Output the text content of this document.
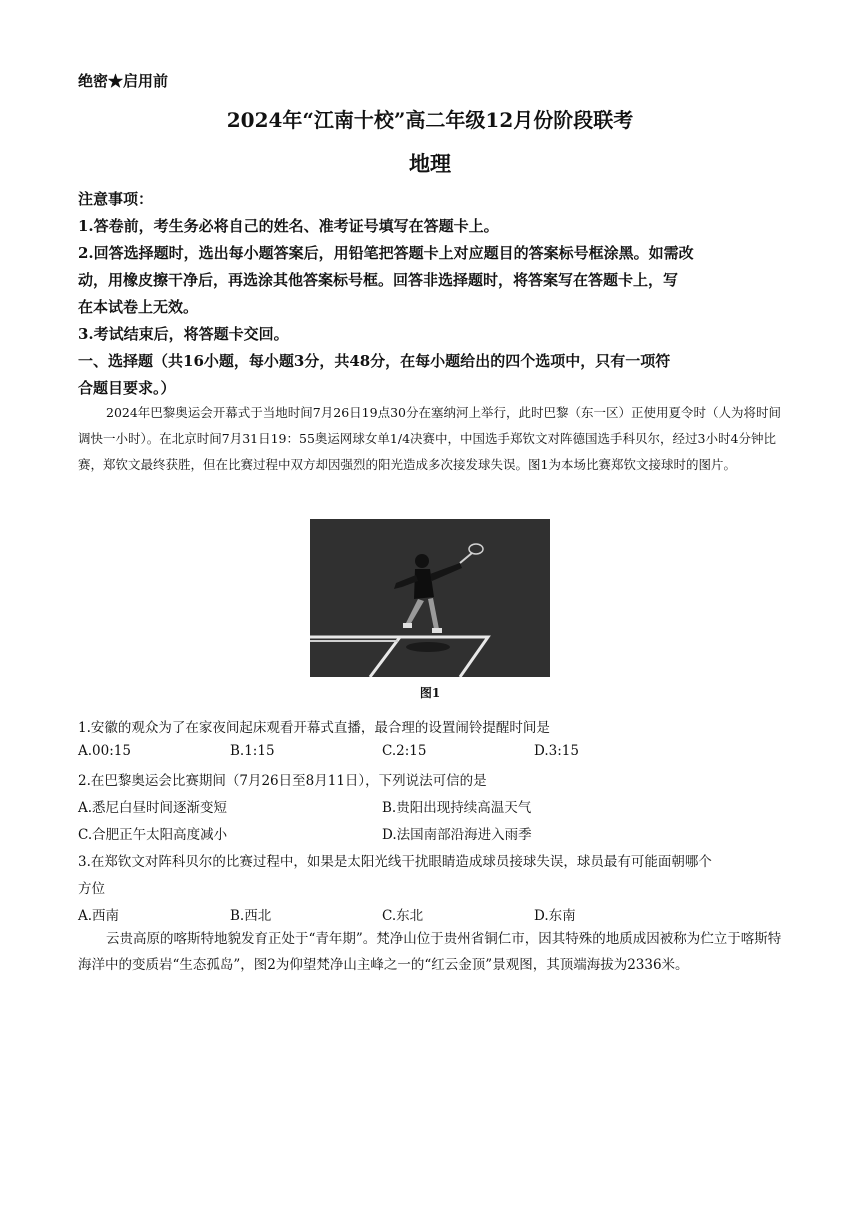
绝密★启用前
2024年“江南十校”高二年级12月份阶段联考
地理
注意事项：
1.答卷前，考生务必将自己的姓名、准考证号填写在答题卡上。
2.回答选择题时，选出每小题答案后，用铅笔把答题卡上对应题目的答案标号框涂黑。如需改
动，用橡皮擦干净后，再选涂其他答案标号框。回答非选择题时，将答案写在答题卡上，写
在本试卷上无效。
3.考试结束后，将答题卡交回。
一、选择题（共16小题，每小题3分，共48分，在每小题给出的四个选项中，只有一项符
合题目要求。）
2024年巴黎奥运会开幕式于当地时间7月26日19点30分在塞纳河上举行，此时巴黎（东一区）正使用夏令时（人为将时间调快一小时）。在北京时间7月31日19：55奥运网球女单1/4决赛中，中国选手郑钦文对阵德国选手科贝尔，经过3小时4分钟比赛，郑钦文最终获胜，但在比赛过程中双方却因强烈的阳光造成多次接发球失误。图1为本场比赛郑钦文接球时的图片。
图1
1.安徽的观众为了在家夜间起床观看开幕式直播，最合理的设置闹铃提醒时间是
A.00:15	B.1:15	C.2:15	D.3:15
2.在巴黎奥运会比赛期间（7月26日至8月11日），下列说法可信的是
A.悉尼白昼时间逐渐变短	B.贵阳出现持续高温天气
C.合肥正午太阳高度减小	D.法国南部沿海进入雨季
3.在郑钦文对阵科贝尔的比赛过程中，如果是太阳光线干扰眼睛造成球员接球失误，球员最有可能面朝哪个
方位
A.西南	B.西北	C.东北	D.东南
云贵高原的喀斯特地貌发育正处于“青年期”。梵净山位于贵州省铜仁市，因其特殊的地质成因被称为伫立于喀斯特海洋中的变质岩“生态孤岛”，图2为仰望梵净山主峰之一的“红云金顶”景观图，其顶端海拔为2336米。
